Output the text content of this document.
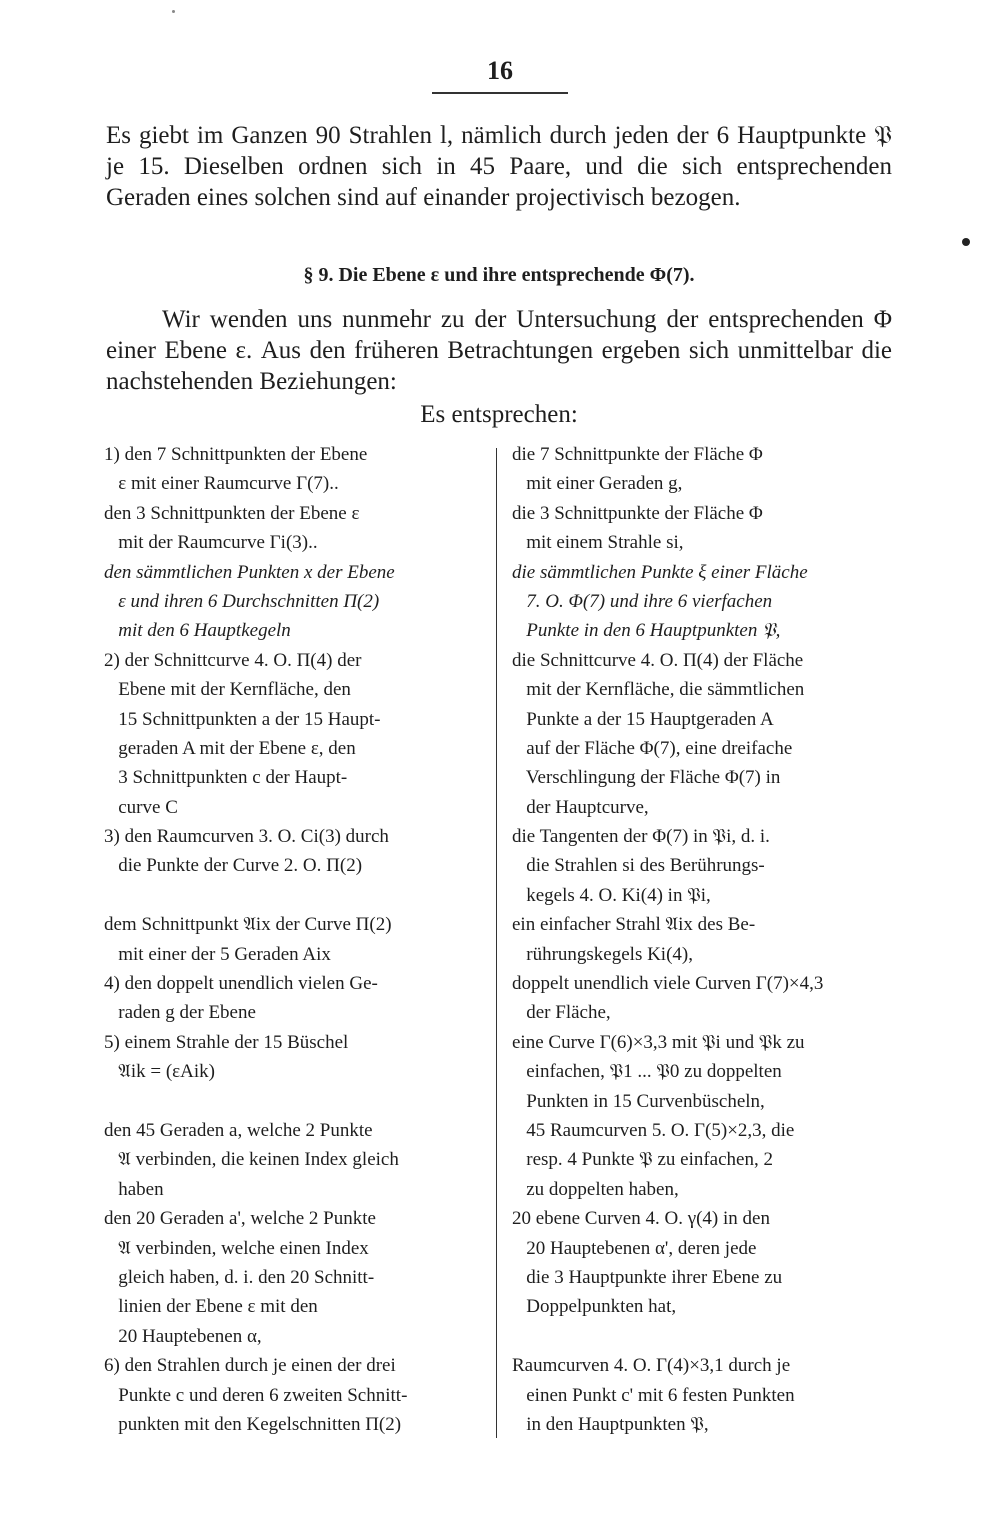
16

Es giebt im Ganzen 90 Strahlen l, nämlich durch jeden der 6 Hauptpunkte 𝔓 je 15. Dieselben ordnen sich in 45 Paare, und die sich entsprechenden Geraden eines solchen sind auf einander projectivisch bezogen.

§ 9. Die Ebene ε und ihre entsprechende Φ(7).

Wir wenden uns nunmehr zu der Untersuchung der entsprechenden Φ einer Ebene ε. Aus den früheren Betrachtungen ergeben sich unmittelbar die nachstehenden Beziehungen:

Es entsprechen:

1) den 7 Schnittpunkten der Ebene
ε mit einer Raumcurve Γ(7)..
den 3 Schnittpunkten der Ebene ε
mit der Raumcurve Γi(3)..
den sämmtlichen Punkten x der Ebene
ε und ihren 6 Durchschnitten Π(2)
mit den 6 Hauptkegeln
2) der Schnittcurve 4. O. Π(4) der
Ebene mit der Kernfläche, den
15 Schnittpunkten a der 15 Haupt-
geraden A mit der Ebene ε, den
3 Schnittpunkten c der Haupt-
curve C
3) den Raumcurven 3. O. Ci(3) durch
die Punkte der Curve 2. O. Π(2)
dem Schnittpunkt 𝔄ix der Curve Π(2)
mit einer der 5 Geraden Aix
4) den doppelt unendlich vielen Ge-
raden g der Ebene
5) einem Strahle der 15 Büschel
𝔄ik = (εAik)
den 45 Geraden a, welche 2 Punkte
𝔄 verbinden, die keinen Index gleich
haben
den 20 Geraden a', welche 2 Punkte
𝔄 verbinden, welche einen Index
gleich haben, d. i. den 20 Schnitt-
linien der Ebene ε mit den
20 Hauptebenen α,
6) den Strahlen durch je einen der drei
Punkte c und deren 6 zweiten Schnitt-
punkten mit den Kegelschnitten Π(2)
die 7 Schnittpunkte der Fläche Φ
mit einer Geraden g,
die 3 Schnittpunkte der Fläche Φ
mit einem Strahle si,
die sämmtlichen Punkte ξ einer Fläche
7. O. Φ(7) und ihre 6 vierfachen
Punkte in den 6 Hauptpunkten 𝔓,
die Schnittcurve 4. O. Π(4) der Fläche
mit der Kernfläche, die sämmtlichen
Punkte a der 15 Hauptgeraden A
auf der Fläche Φ(7), eine dreifache
Verschlingung der Fläche Φ(7) in
der Hauptcurve,
die Tangenten der Φ(7) in 𝔓i, d. i.
die Strahlen si des Berührungs-
kegels 4. O. Ki(4) in 𝔓i,
ein einfacher Strahl 𝔄ix des Be-
rührungskegels Ki(4),
doppelt unendlich viele Curven Γ(7)×4,3
der Fläche,
eine Curve Γ(6)×3,3 mit 𝔓i und 𝔓k zu
einfachen, 𝔓1 ... 𝔓0 zu doppelten
Punkten in 15 Curvenbüscheln,
45 Raumcurven 5. O. Γ(5)×2,3, die
resp. 4 Punkte 𝔓 zu einfachen, 2
zu doppelten haben,
20 ebene Curven 4. O. γ(4) in den
20 Hauptebenen α', deren jede
die 3 Hauptpunkte ihrer Ebene zu
Doppelpunkten hat,
Raumcurven 4. O. Γ(4)×3,1 durch je
einen Punkt c' mit 6 festen Punkten
in den Hauptpunkten 𝔓,
